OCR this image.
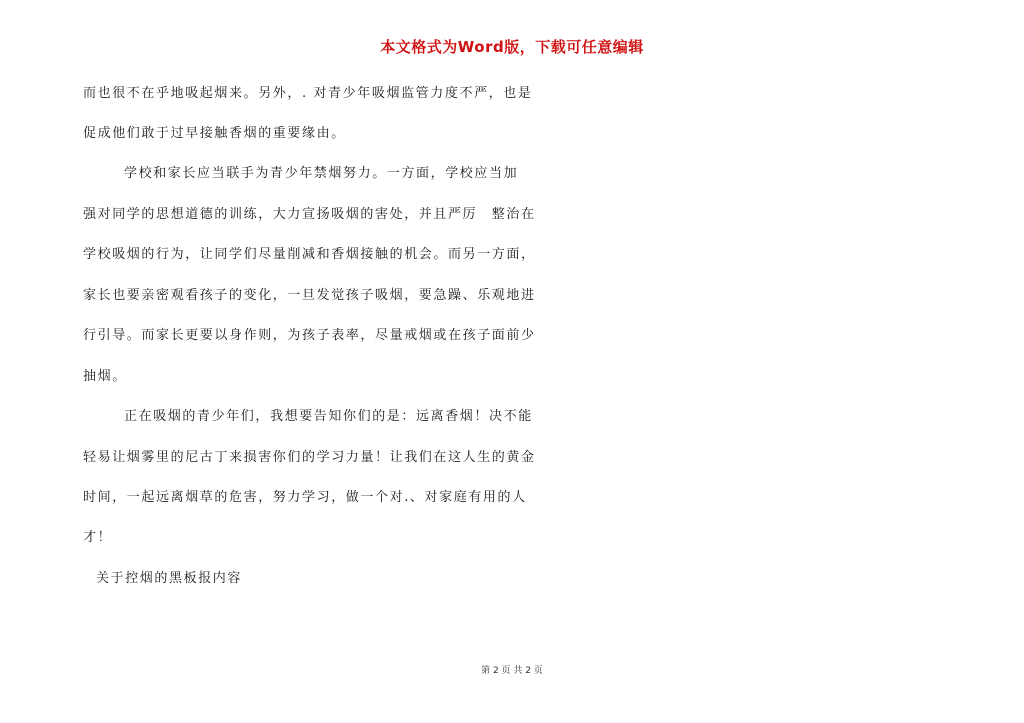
本文格式为Word版，下载可任意编辑
而也很不在乎地吸起烟来。另外，. 对青少年吸烟监管力度不严，也是
促成他们敢于过早接触香烟的重要缘由。
学校和家长应当联手为青少年禁烟努力。一方面，学校应当加
强对同学的思想道德的训练，大力宣扬吸烟的害处，并且严厉　整治在
学校吸烟的行为，让同学们尽量削减和香烟接触的机会。而另一方面，
家长也要亲密观看孩子的变化，一旦发觉孩子吸烟，要急躁、乐观地进
行引导。而家长更要以身作则，为孩子表率，尽量戒烟或在孩子面前少
抽烟。
正在吸烟的青少年们，我想要告知你们的是：远离香烟！决不能
轻易让烟雾里的尼古丁来损害你们的学习力量！让我们在这人生的黄金
时间，一起远离烟草的危害，努力学习，做一个对.、对家庭有用的人
才！
关于控烟的黑板报内容
第 2 页 共 2 页
